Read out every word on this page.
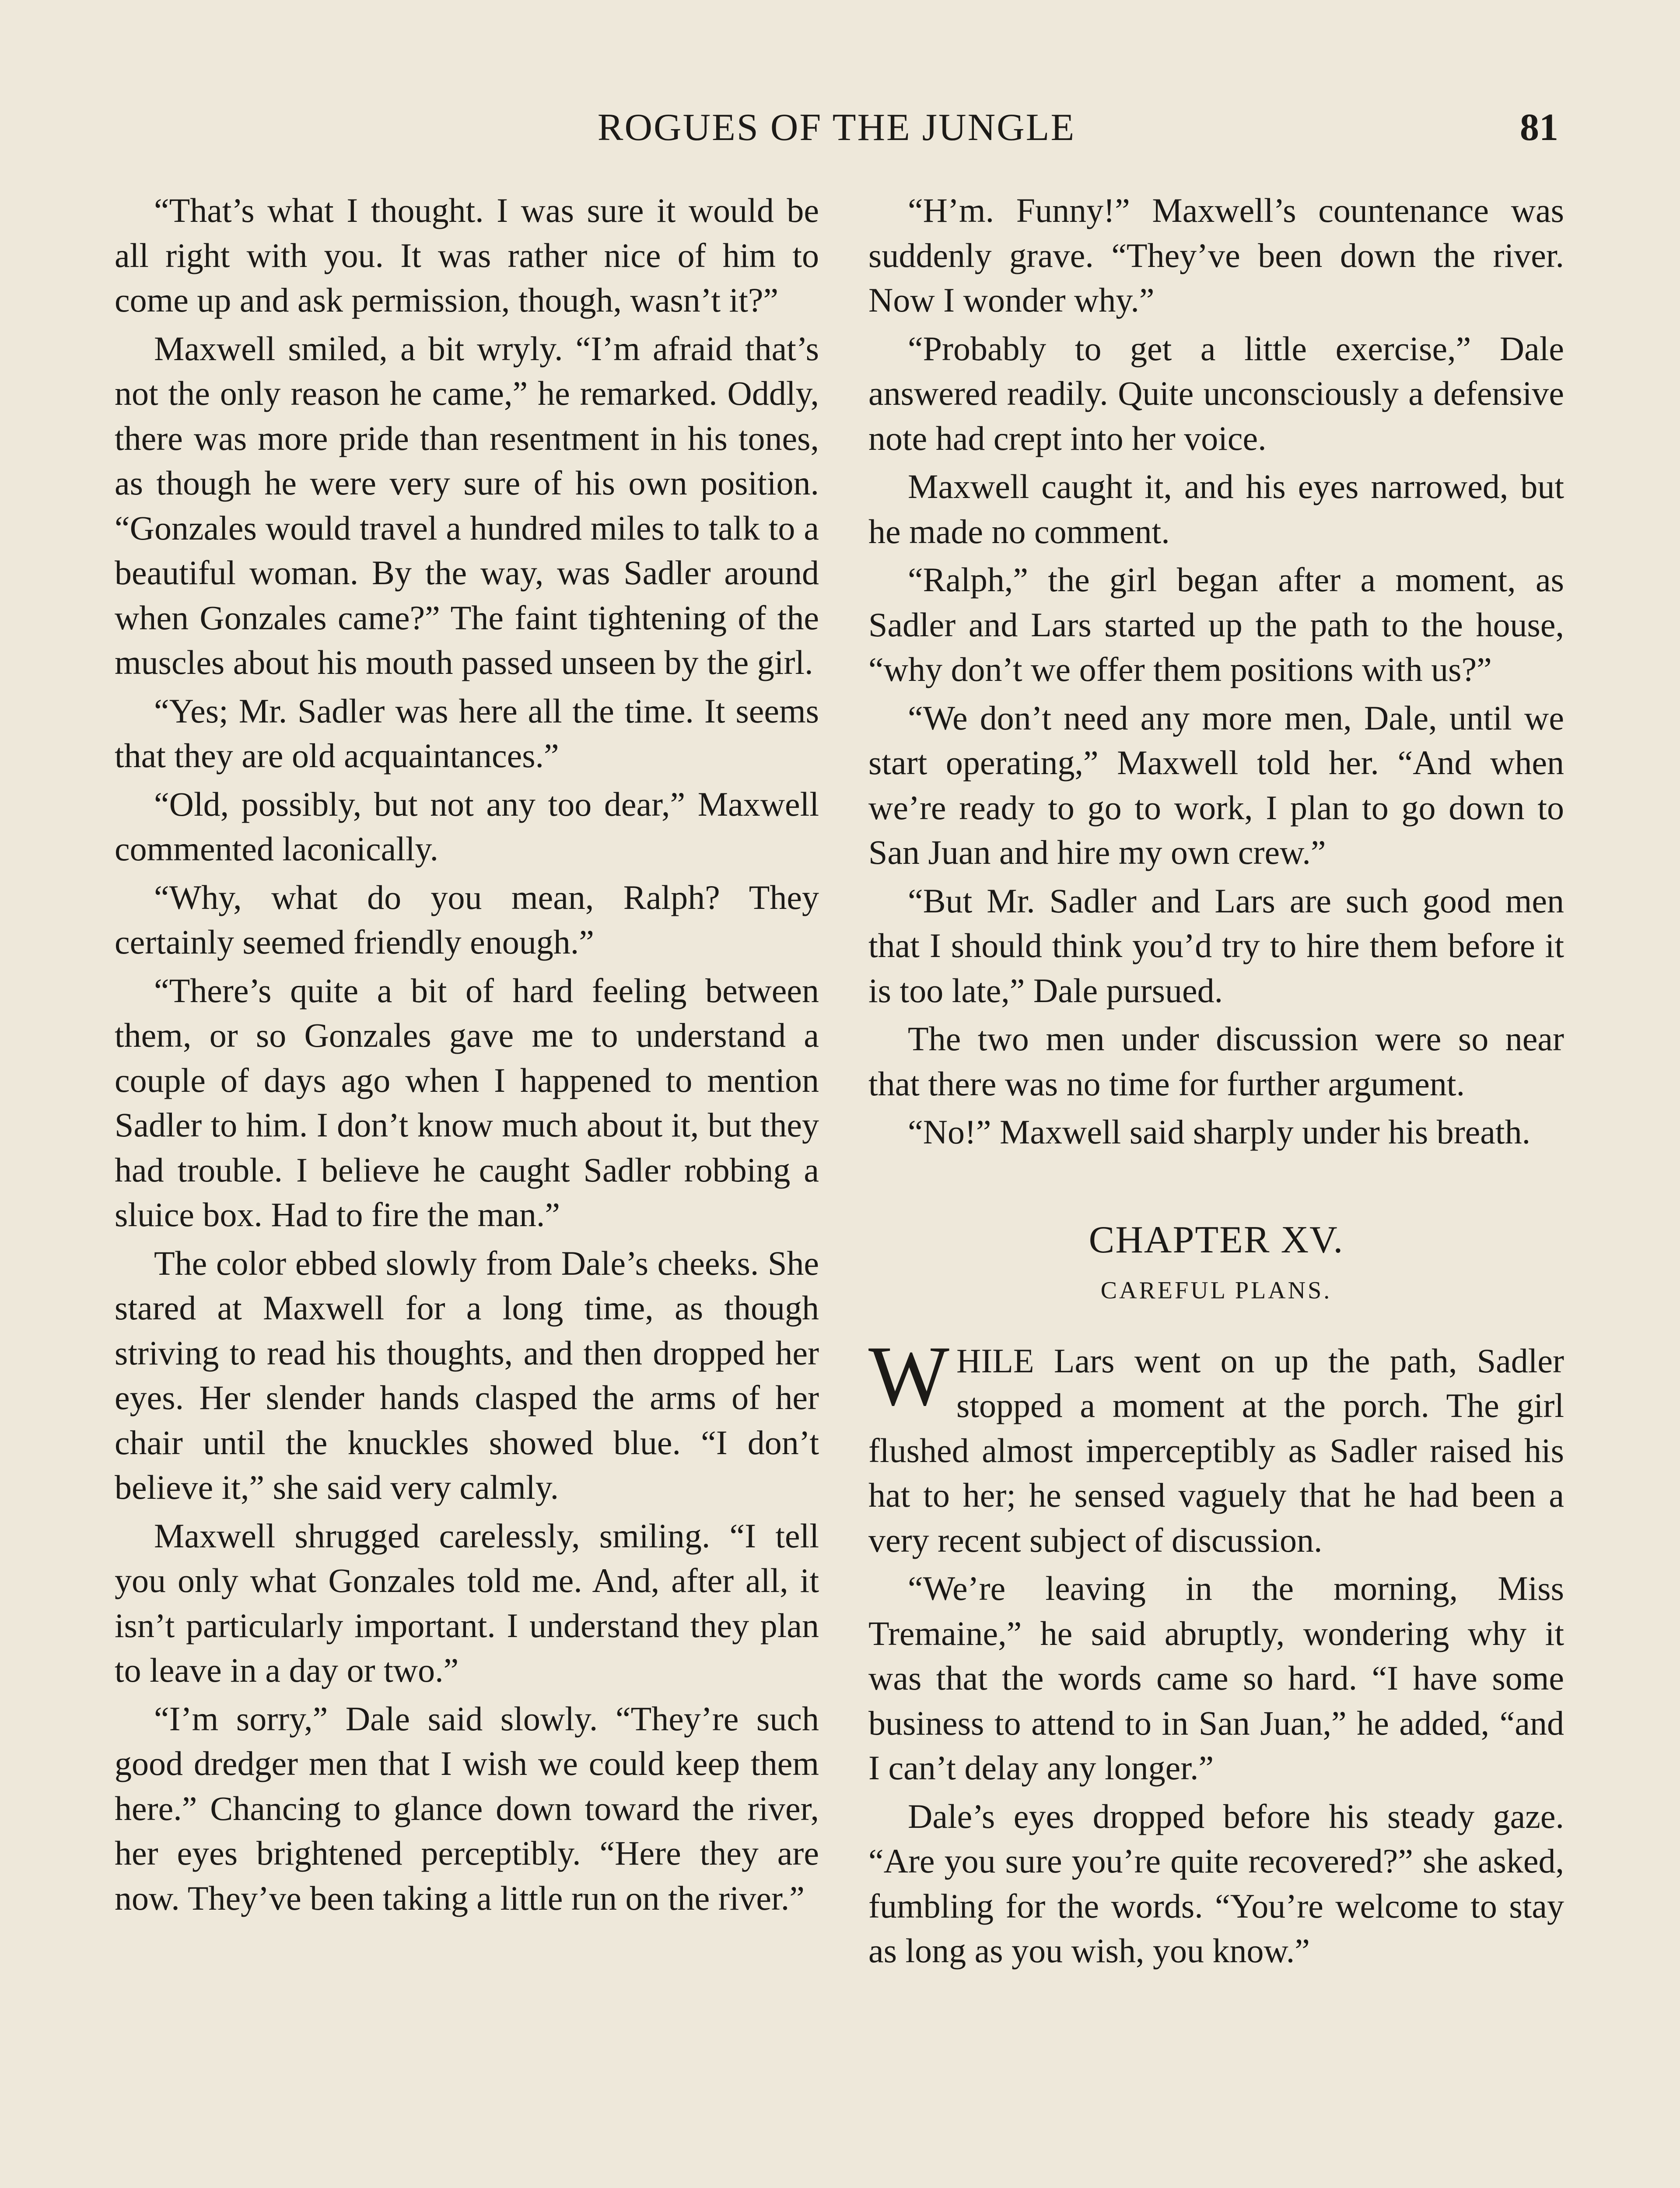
ROGUES OF THE JUNGLE	81

“That’s what I thought. I was sure it would be all right with you. It was rather nice of him to come up and ask permission, though, wasn’t it?”

Maxwell smiled, a bit wryly. “I’m afraid that’s not the only reason he came,” he remarked. Oddly, there was more pride than resentment in his tones, as though he were very sure of his own position. “Gonzales would travel a hundred miles to talk to a beautiful woman. By the way, was Sadler around when Gonzales came?” The faint tightening of the muscles about his mouth passed unseen by the girl.

“Yes; Mr. Sadler was here all the time. It seems that they are old acquaintances.”

“Old, possibly, but not any too dear,” Maxwell commented laconically.

“Why, what do you mean, Ralph? They certainly seemed friendly enough.”

“There’s quite a bit of hard feeling between them, or so Gonzales gave me to understand a couple of days ago when I happened to mention Sadler to him. I don’t know much about it, but they had trouble. I believe he caught Sadler robbing a sluice box. Had to fire the man.”

The color ebbed slowly from Dale’s cheeks. She stared at Maxwell for a long time, as though striving to read his thoughts, and then dropped her eyes. Her slender hands clasped the arms of her chair until the knuckles showed blue. “I don’t believe it,” she said very calmly.

Maxwell shrugged carelessly, smiling. “I tell you only what Gonzales told me. And, after all, it isn’t particularly important. I understand they plan to leave in a day or two.”

“I’m sorry,” Dale said slowly. “They’re such good dredger men that I wish we could keep them here.” Chancing to glance down toward the river, her eyes brightened perceptibly. “Here they are now. They’ve been taking a little run on the river.”

“H’m. Funny!” Maxwell’s countenance was suddenly grave. “They’ve been down the river. Now I wonder why.”

“Probably to get a little exercise,” Dale answered readily. Quite unconsciously a defensive note had crept into her voice.

Maxwell caught it, and his eyes narrowed, but he made no comment.

“Ralph,” the girl began after a moment, as Sadler and Lars started up the path to the house, “why don’t we offer them positions with us?”

“We don’t need any more men, Dale, until we start operating,” Maxwell told her. “And when we’re ready to go to work, I plan to go down to San Juan and hire my own crew.”

“But Mr. Sadler and Lars are such good men that I should think you’d try to hire them before it is too late,” Dale pursued.

The two men under discussion were so near that there was no time for further argument.

“No!” Maxwell said sharply under his breath.

CHAPTER XV.
CAREFUL PLANS.

WHILE Lars went on up the path, Sadler stopped a moment at the porch. The girl flushed almost imperceptibly as Sadler raised his hat to her; he sensed vaguely that he had been a very recent subject of discussion.

“We’re leaving in the morning, Miss Tremaine,” he said abruptly, wondering why it was that the words came so hard. “I have some business to attend to in San Juan,” he added, “and I can’t delay any longer.”

Dale’s eyes dropped before his steady gaze. “Are you sure you’re quite recovered?” she asked, fumbling for the words. “You’re welcome to stay as long as you wish, you know.”
